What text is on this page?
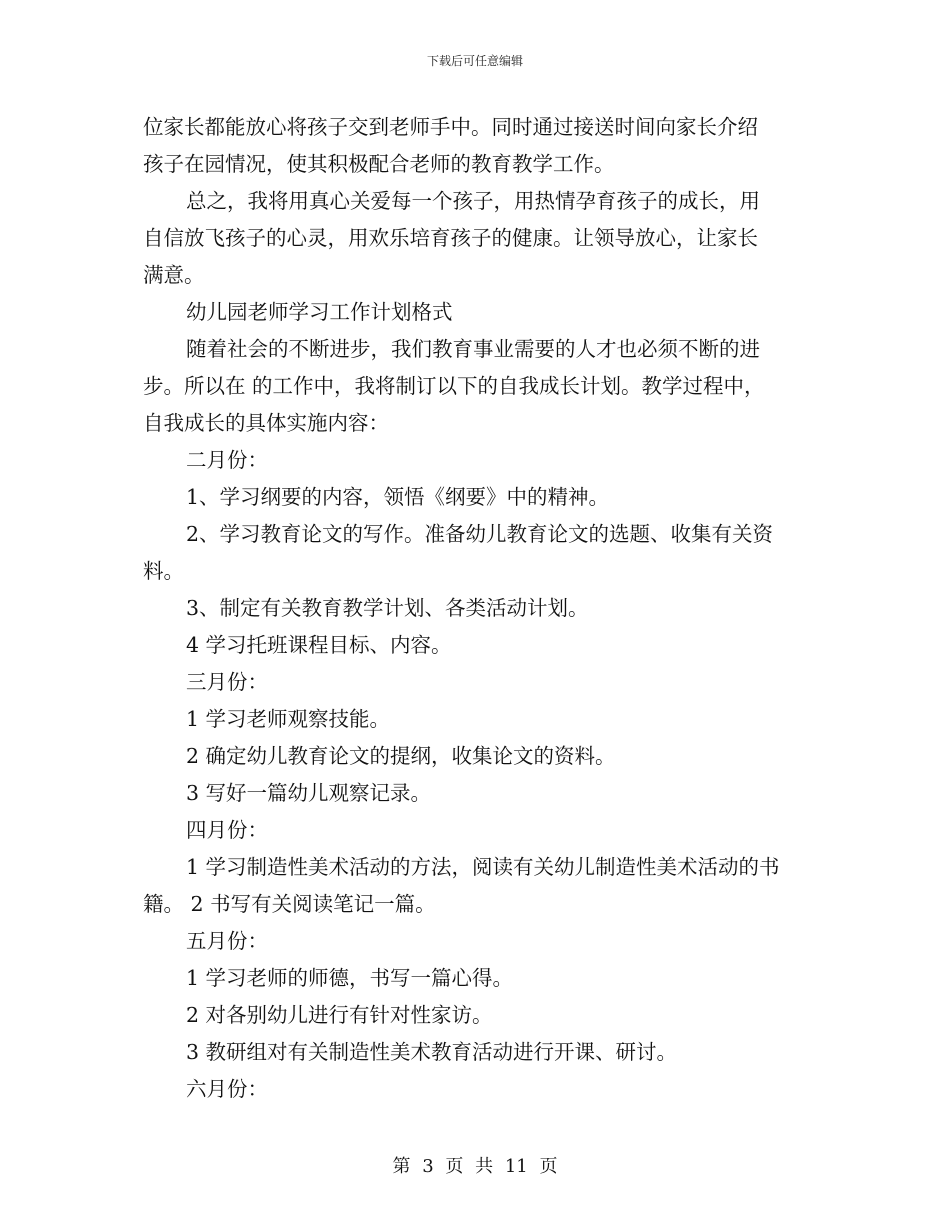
下载后可任意编辑
位家长都能放心将孩子交到老师手中。同时通过接送时间向家长介绍
孩子在园情况，使其积极配合老师的教育教学工作。
总之，我将用真心关爱每一个孩子，用热情孕育孩子的成长，用
自信放飞孩子的心灵，用欢乐培育孩子的健康。让领导放心，让家长
满意。
幼儿园老师学习工作计划格式
随着社会的不断进步，我们教育事业需要的人才也必须不断的进
步。所以在 的工作中，我将制订以下的自我成长计划。教学过程中，
自我成长的具体实施内容：
二月份：
1、学习纲要的内容，领悟《纲要》中的精神。
2、学习教育论文的写作。准备幼儿教育论文的选题、收集有关资
料。
3、制定有关教育教学计划、各类活动计划。
4 学习托班课程目标、内容。
三月份：
1 学习老师观察技能。
2 确定幼儿教育论文的提纲，收集论文的资料。
3 写好一篇幼儿观察记录。
四月份：
1 学习制造性美术活动的方法，阅读有关幼儿制造性美术活动的书
籍。 2 书写有关阅读笔记一篇。
五月份：
1 学习老师的师德，书写一篇心得。
2 对各别幼儿进行有针对性家访。
3 教研组对有关制造性美术教育活动进行开课、研讨。
六月份：
第 3 页 共 11 页
